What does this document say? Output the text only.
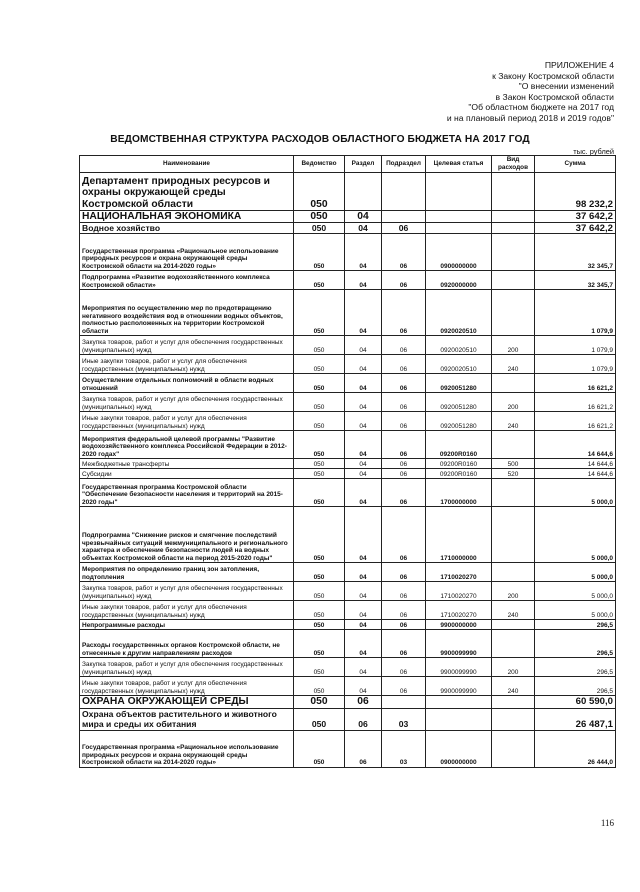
ПРИЛОЖЕНИЕ 4
к Закону Костромской области
"О внесении изменений
в Закон Костромской области
"Об областном бюджете на 2017 год
и на плановый период 2018 и 2019 годов"
ВЕДОМСТВЕННАЯ СТРУКТУРА РАСХОДОВ ОБЛАСТНОГО БЮДЖЕТА НА 2017 ГОД
тыс. рублей
Наименование	Ведомство	Раздел	Подраздел	Целевая статья	Вид расходов	Сумма
Департамент природных ресурсов и охраны окружающей среды Костромской области	050					98 232,2
НАЦИОНАЛЬНАЯ ЭКОНОМИКА	050	04				37 642,2
Водное хозяйство	050	04	06			37 642,2
Государственная программа «Рациональное использование природных ресурсов и охрана окружающей среды Костромской области на 2014-2020 годы»	050	04	06	0900000000		32 345,7
Подпрограмма «Развитие водохозяйственного комплекса Костромской области»	050	04	06	0920000000		32 345,7
Мероприятия по осуществлению мер по предотвращению негативного воздействия вод в отношении водных объектов, полностью расположенных на территории Костромской области	050	04	06	0920020510		1 079,9
Закупка товаров, работ и услуг для обеспечения государственных (муниципальных) нужд	050	04	06	0920020510	200	1 079,9
Иные закупки товаров, работ и услуг для обеспечения государственных (муниципальных) нужд	050	04	06	0920020510	240	1 079,9
Осуществление отдельных полномочий в области водных отношений	050	04	06	0920051280		16 621,2
Закупка товаров, работ и услуг для обеспечения государственных (муниципальных) нужд	050	04	06	0920051280	200	16 621,2
Иные закупки товаров, работ и услуг для обеспечения государственных (муниципальных) нужд	050	04	06	0920051280	240	16 621,2
Мероприятия федеральной целевой программы "Развитие водохозяйственного комплекса Российской Федерации в 2012-2020 годах"	050	04	06	09200R0160		14 644,6
Межбюджетные трансферты	050	04	06	09200R0160	500	14 644,6
Субсидии	050	04	06	09200R0160	520	14 644,6
Государственная программа Костромской области "Обеспечение безопасности населения и территорий на 2015-2020 годы"	050	04	06	1700000000		5 000,0
Подпрограмма "Снижение рисков и смягчение последствий чрезвычайных ситуаций межмуниципального и регионального характера и обеспечение безопасности людей на водных объектах Костромской области на период 2015-2020 годы"	050	04	06	1710000000		5 000,0
Мероприятия по определению границ зон затопления, подтопления	050	04	06	1710020270		5 000,0
Закупка товаров, работ и услуг для обеспечения государственных (муниципальных) нужд	050	04	06	1710020270	200	5 000,0
Иные закупки товаров, работ и услуг для обеспечения государственных (муниципальных) нужд	050	04	06	1710020270	240	5 000,0
Непрограммные расходы	050	04	06	9900000000		296,5
Расходы государственных органов Костромской области, не отнесенные к другим направлениям расходов	050	04	06	9900099990		296,5
Закупка товаров, работ и услуг для обеспечения государственных (муниципальных) нужд	050	04	06	9900099990	200	296,5
Иные закупки товаров, работ и услуг для обеспечения государственных (муниципальных) нужд	050	04	06	9900099990	240	296,5
ОХРАНА ОКРУЖАЮЩЕЙ СРЕДЫ	050	06				60 590,0
Охрана объектов растительного и животного мира и среды их обитания	050	06	03			26 487,1
Государственная программа «Рациональное использование природных ресурсов и охрана окружающей среды Костромской области на 2014-2020 годы»	050	06	03	0900000000		26 444,0
116
